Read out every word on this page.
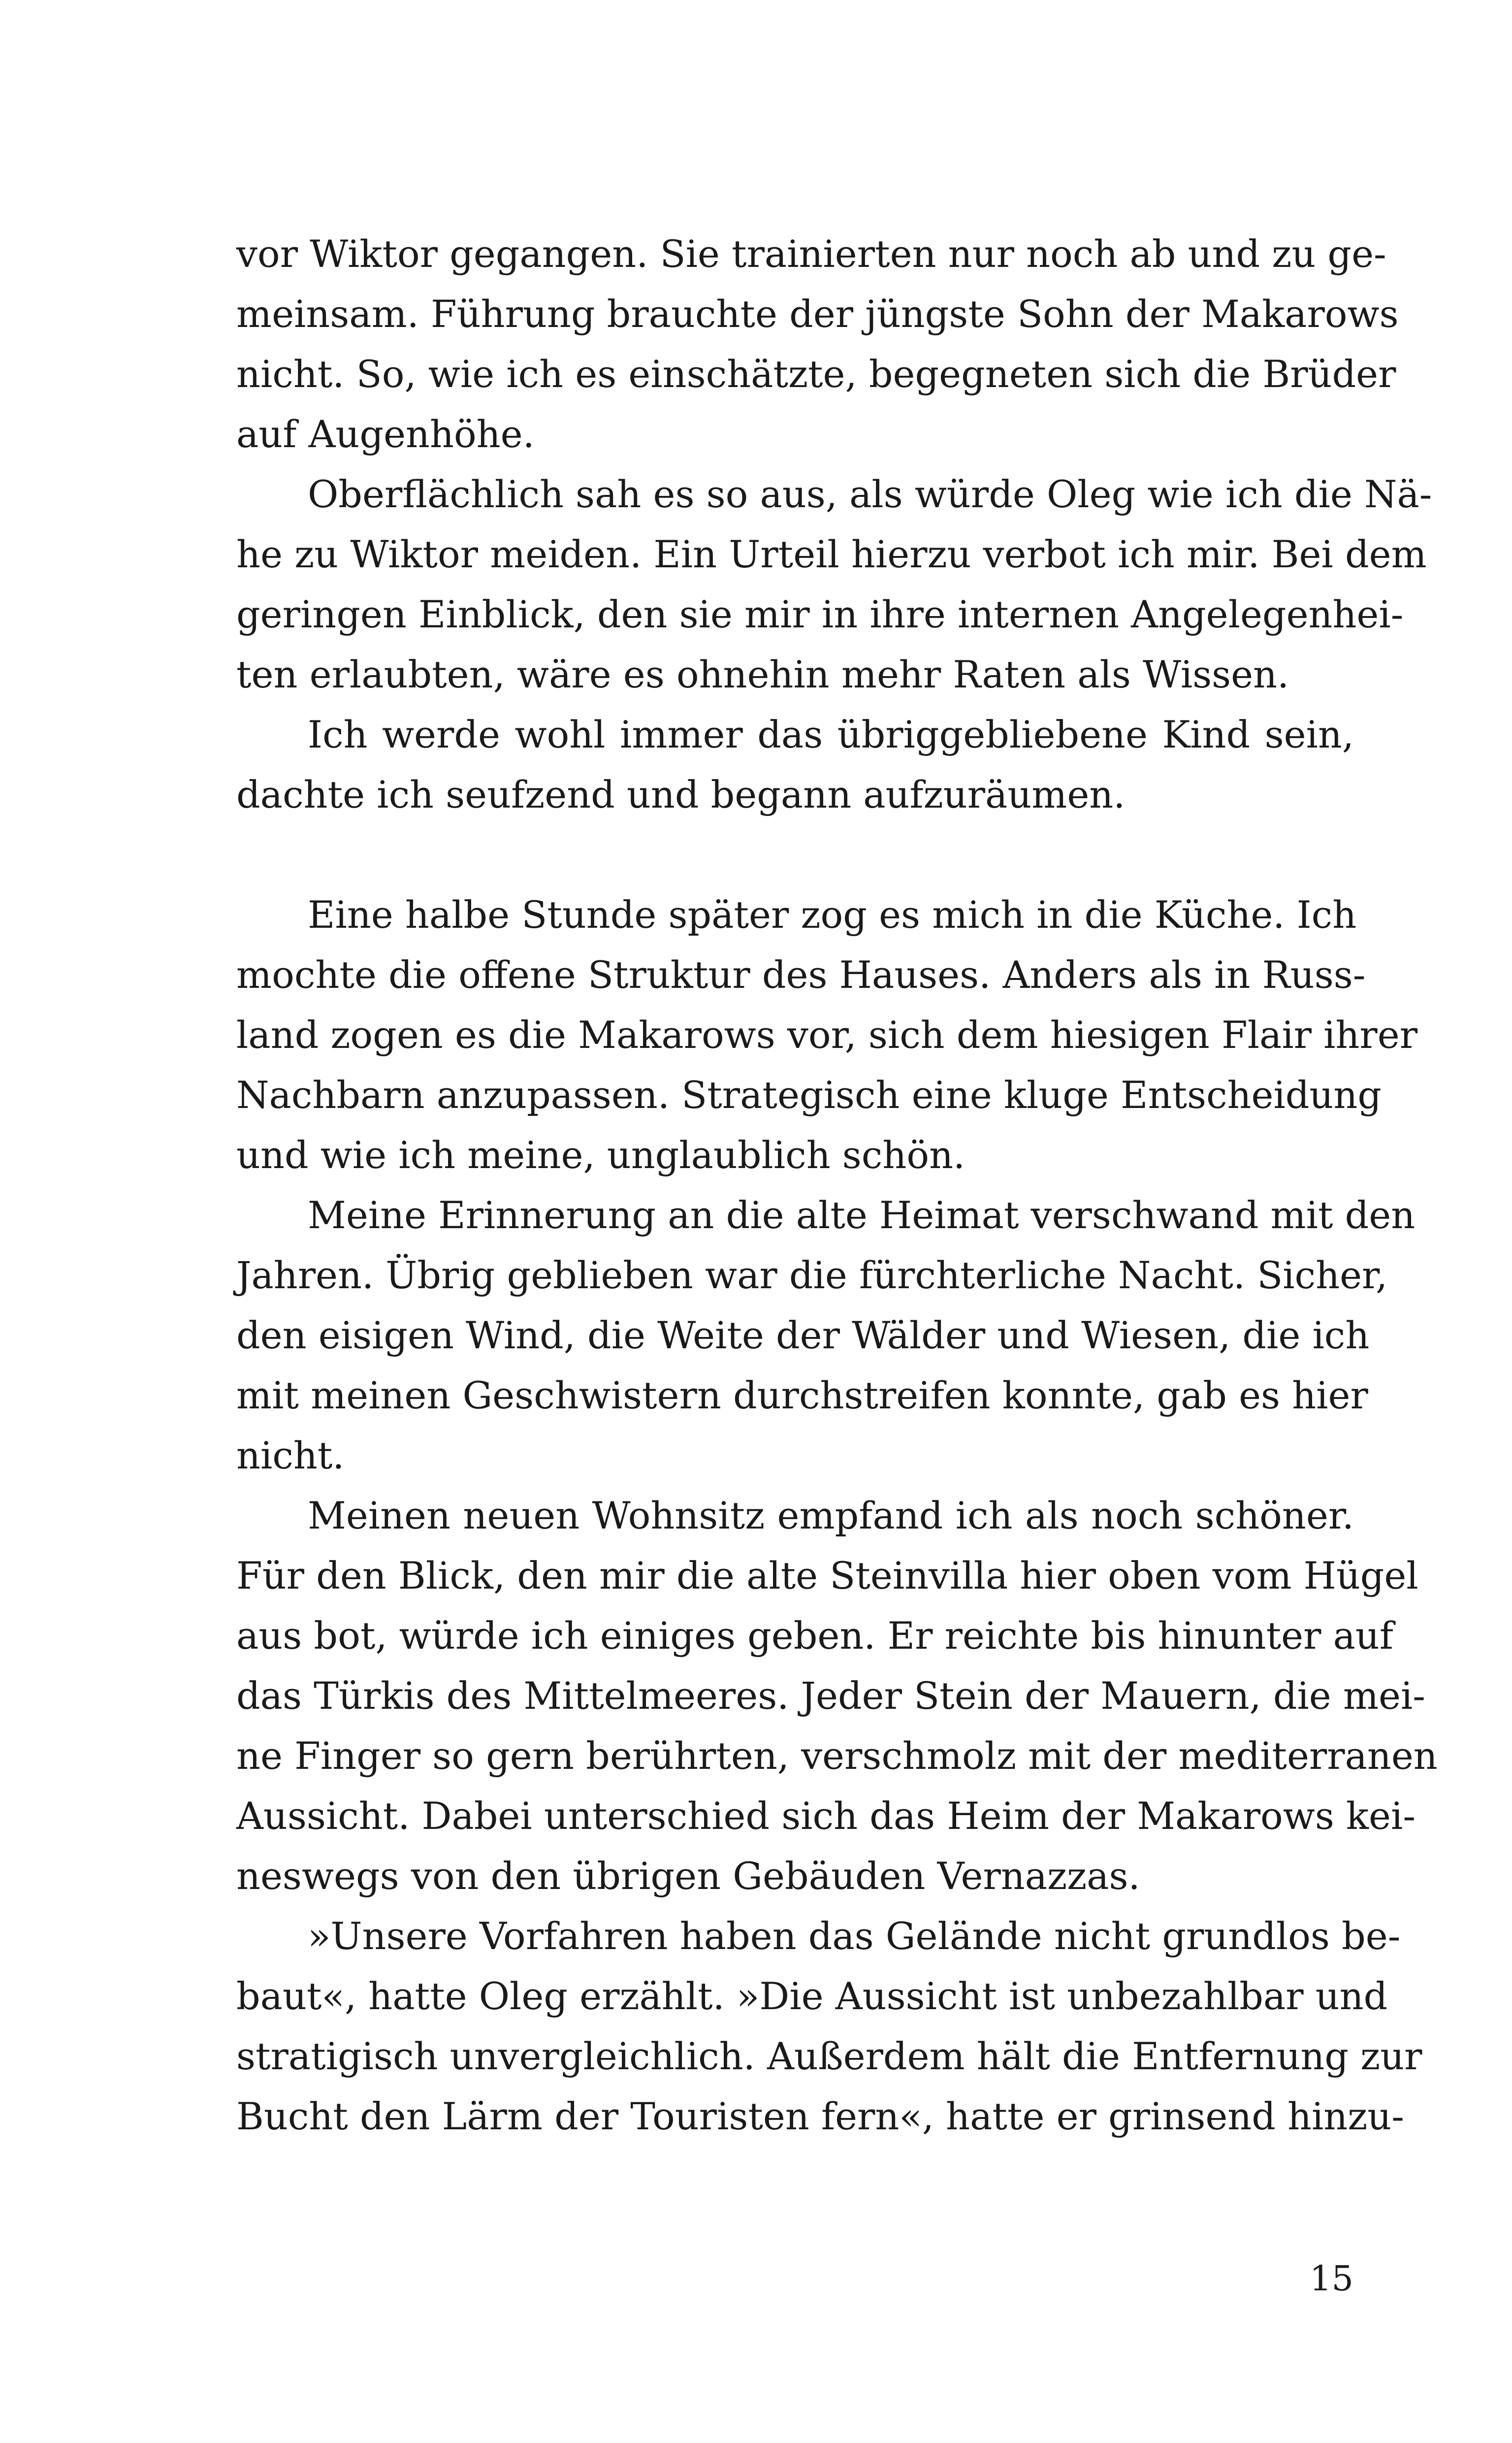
vor Wiktor gegangen. Sie trainierten nur noch ab und zu ge-
meinsam. Führung brauchte der jüngste Sohn der Makarows
nicht. So, wie ich es einschätzte, begegneten sich die Brüder
auf Augenhöhe.
Oberflächlich sah es so aus, als würde Oleg wie ich die Nä-
he zu Wiktor meiden. Ein Urteil hierzu verbot ich mir. Bei dem
geringen Einblick, den sie mir in ihre internen Angelegenhei-
ten erlaubten, wäre es ohnehin mehr Raten als Wissen.
Ich werde wohl immer das übriggebliebene Kind sein,
dachte ich seufzend und begann aufzuräumen.
Eine halbe Stunde später zog es mich in die Küche. Ich
mochte die offene Struktur des Hauses. Anders als in Russ-
land zogen es die Makarows vor, sich dem hiesigen Flair ihrer
Nachbarn anzupassen. Strategisch eine kluge Entscheidung
und wie ich meine, unglaublich schön.
Meine Erinnerung an die alte Heimat verschwand mit den
Jahren. Übrig geblieben war die fürchterliche Nacht. Sicher,
den eisigen Wind, die Weite der Wälder und Wiesen, die ich
mit meinen Geschwistern durchstreifen konnte, gab es hier
nicht.
Meinen neuen Wohnsitz empfand ich als noch schöner.
Für den Blick, den mir die alte Steinvilla hier oben vom Hügel
aus bot, würde ich einiges geben. Er reichte bis hinunter auf
das Türkis des Mittelmeeres. Jeder Stein der Mauern, die mei-
ne Finger so gern berührten, verschmolz mit der mediterranen
Aussicht. Dabei unterschied sich das Heim der Makarows kei-
neswegs von den übrigen Gebäuden Vernazzas.
»Unsere Vorfahren haben das Gelände nicht grundlos be-
baut«, hatte Oleg erzählt. »Die Aussicht ist unbezahlbar und
stratigisch unvergleichlich. Außerdem hält die Entfernung zur
Bucht den Lärm der Touristen fern«, hatte er grinsend hinzu-
15
